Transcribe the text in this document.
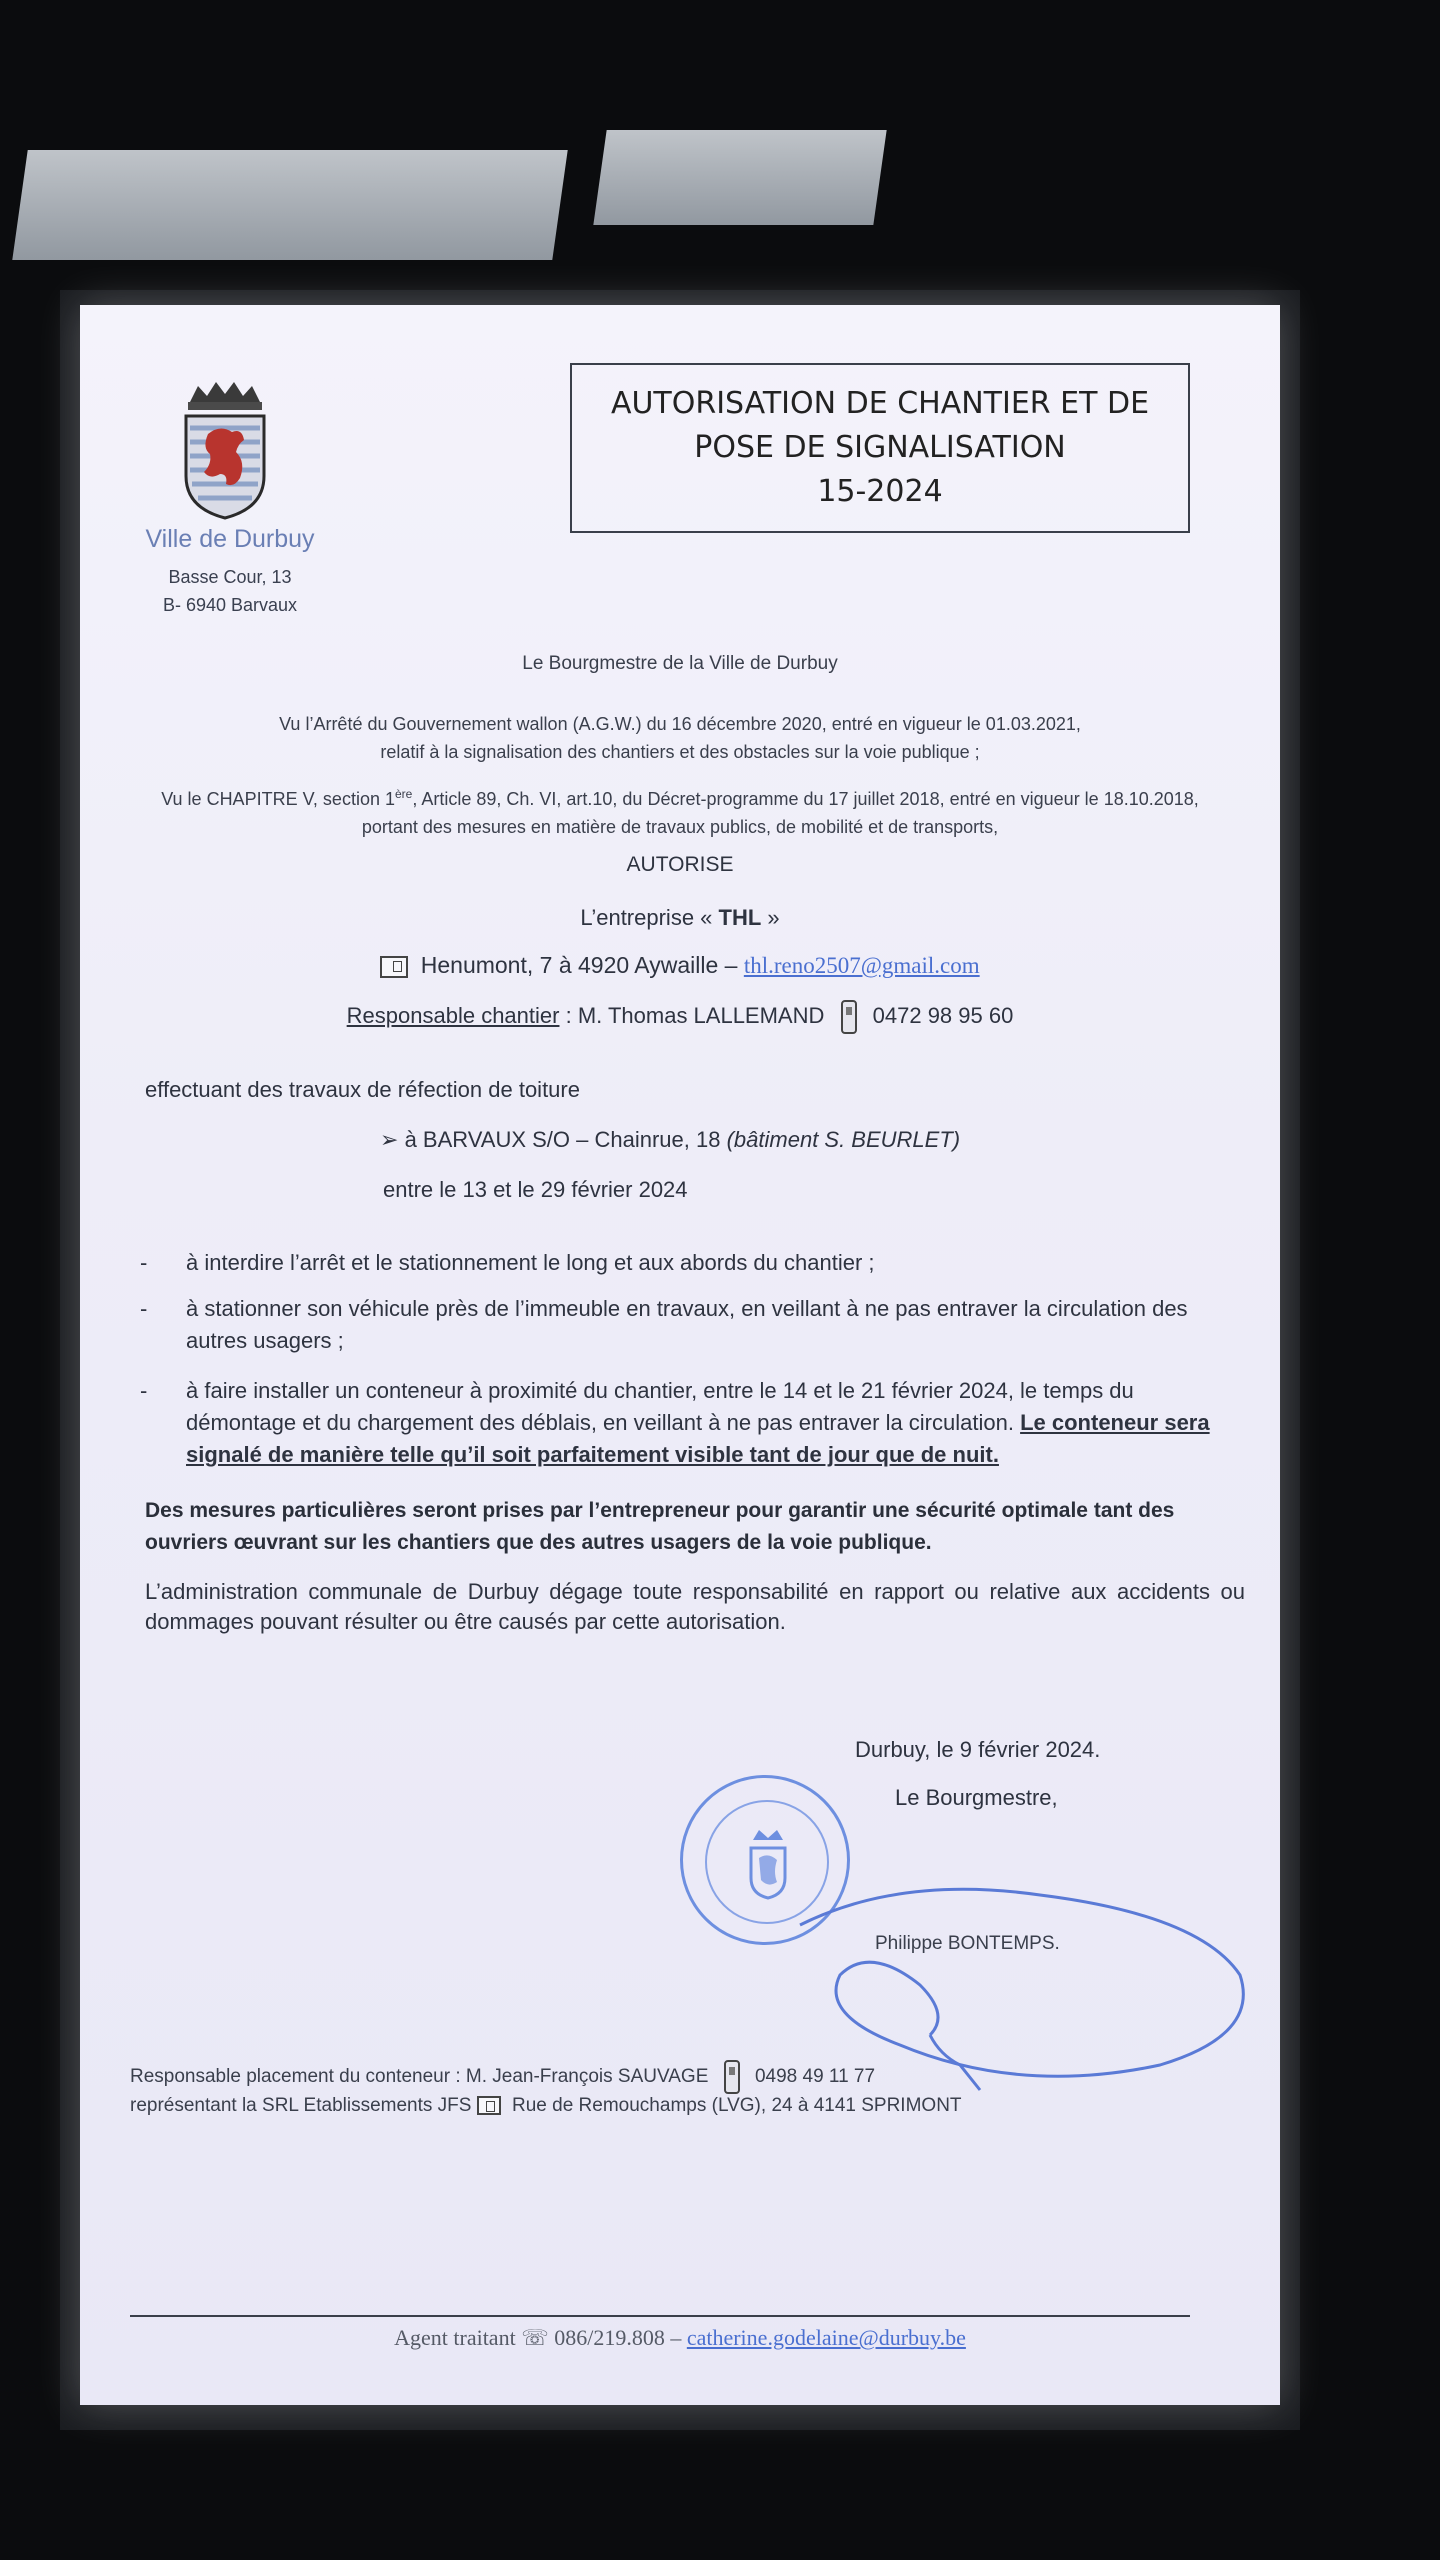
Ville de Durbuy
Basse Cour, 13
B- 6940 Barvaux
AUTORISATION DE CHANTIER ET DE
POSE DE SIGNALISATION
15-2024
Le Bourgmestre de la Ville de Durbuy
Vu l’Arrêté du Gouvernement wallon (A.G.W.) du 16 décembre 2020, entré en vigueur le 01.03.2021,
relatif à la signalisation des chantiers et des obstacles sur la voie publique ;
Vu le CHAPITRE V, section 1ère, Article 89, Ch. VI, art.10, du Décret-programme du 17 juillet 2018, entré en vigueur le 18.10.2018,
portant des mesures en matière de travaux publics, de mobilité et de transports,
AUTORISE
L’entreprise « THL »
Henumont, 7 à 4920 Aywaille – thl.reno2507@gmail.com
Responsable chantier : M. Thomas LALLEMAND 0472 98 95 60
effectuant des travaux de réfection de toiture
➢ à BARVAUX S/O – Chainrue, 18 (bâtiment S. BEURLET)
entre le 13 et le 29 février 2024
- à interdire l’arrêt et le stationnement le long et aux abords du chantier ;
- à stationner son véhicule près de l’immeuble en travaux, en veillant à ne pas entraver la circulation des autres usagers ;
- à faire installer un conteneur à proximité du chantier, entre le 14 et le 21 février 2024, le temps du démontage et du chargement des déblais, en veillant à ne pas entraver la circulation. Le conteneur sera signalé de manière telle qu’il soit parfaitement visible tant de jour que de nuit.
Des mesures particulières seront prises par l’entrepreneur pour garantir une sécurité optimale tant des ouvriers œuvrant sur les chantiers que des autres usagers de la voie publique.
L’administration communale de Durbuy dégage toute responsabilité en rapport ou relative aux accidents ou dommages pouvant résulter ou être causés par cette autorisation.
Durbuy, le 9 février 2024.
Le Bourgmestre,
Philippe BONTEMPS.
Responsable placement du conteneur : M. Jean-François SAUVAGE 0498 49 11 77
représentant la SRL Etablissements JFS Rue de Remouchamps (LVG), 24 à 4141 SPRIMONT
Agent traitant ☏ 086/219.808 – catherine.godelaine@durbuy.be
